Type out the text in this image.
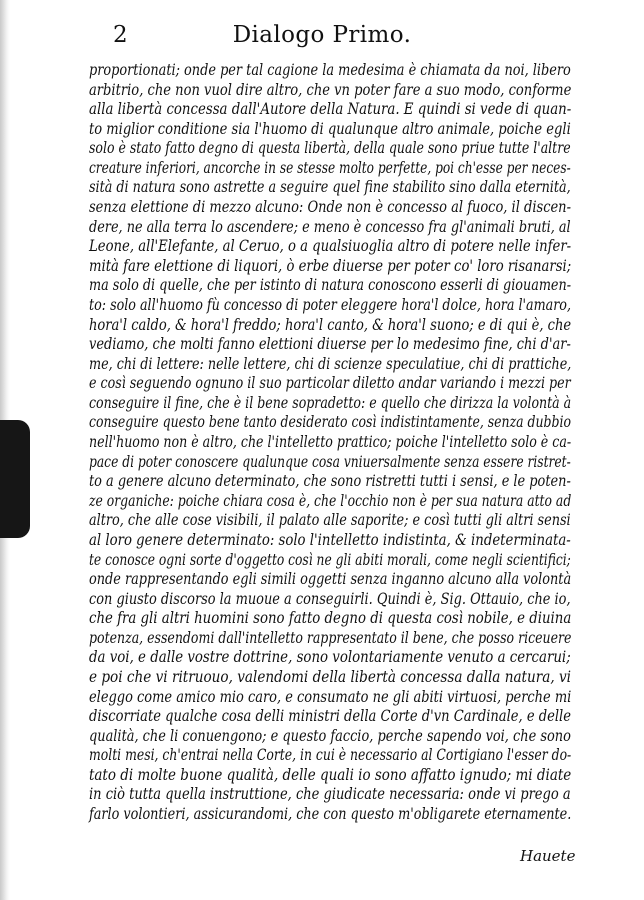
2	Dialogo Primo.
proportionati; onde per tal cagione la medesima è chiamata da noi, libero
arbitrio, che non vuol dire altro, che vn poter fare a suo modo, conforme
alla libertà concessa dall'Autore della Natura. E quindi si vede di quan-
to miglior conditione sia l'huomo di qualunque altro animale, poiche egli
solo è stato fatto degno di questa libertà, della quale sono priue tutte l'altre
creature inferiori, ancorche in se stesse molto perfette, poi ch'esse per neces-
sità di natura sono astrette a seguire quel fine stabilito sino dalla eternità,
senza elettione di mezzo alcuno: Onde non è concesso al fuoco, il discen-
dere, ne alla terra lo ascendere; e meno è concesso fra gl'animali bruti, al
Leone, all'Elefante, al Ceruo, o a qualsiuoglia altro di potere nelle infer-
mità fare elettione di liquori, ò erbe diuerse per poter co' loro risanarsi;
ma solo di quelle, che per istinto di natura conoscono esserli di giouamen-
to: solo all'huomo fù concesso di poter eleggere hora'l dolce, hora l'amaro,
hora'l caldo, & hora'l freddo; hora'l canto, & hora'l suono; e di qui è, che
vediamo, che molti fanno elettioni diuerse per lo medesimo fine, chi d'ar-
me, chi di lettere: nelle lettere, chi di scienze speculatiue, chi di prattiche,
e così seguendo ognuno il suo particolar diletto andar variando i mezzi per
conseguire il fine, che è il bene sopradetto: e quello che dirizza la volontà à
conseguire questo bene tanto desiderato così indistintamente, senza dubbio
nell'huomo non è altro, che l'intelletto prattico; poiche l'intelletto solo è ca-
pace di poter conoscere qualunque cosa vniuersalmente senza essere ristret-
to a genere alcuno determinato, che sono ristretti tutti i sensi, e le poten-
ze organiche: poiche chiara cosa è, che l'occhio non è per sua natura atto ad
altro, che alle cose visibili, il palato alle saporite; e così tutti gli altri sensi
al loro genere determinato: solo l'intelletto indistinta, & indeterminata-
te conosce ogni sorte d'oggetto così ne gli abiti morali, come negli scientifici;
onde rappresentando egli simili oggetti senza inganno alcuno alla volontà
con giusto discorso la muoue a conseguirli. Quindi è, Sig. Ottauio, che io,
che fra gli altri huomini sono fatto degno di questa così nobile, e diuina
potenza, essendomi dall'intelletto rappresentato il bene, che posso riceuere
da voi, e dalle vostre dottrine, sono volontariamente venuto a cercarui;
e poi che vi ritruouo, valendomi della libertà concessa dalla natura, vi
eleggo come amico mio caro, e consumato ne gli abiti virtuosi, perche mi
discorriate qualche cosa delli ministri della Corte d'vn Cardinale, e delle
qualità, che li conuengono; e questo faccio, perche sapendo voi, che sono
molti mesi, ch'entrai nella Corte, in cui è necessario al Cortigiano l'esser do-
tato di molte buone qualità, delle quali io sono affatto ignudo; mi diate
in ciò tutta quella instruttione, che giudicate necessaria: onde vi prego a
farlo volontieri, assicurandomi, che con questo m'obligarete eternamente.
Hauete
